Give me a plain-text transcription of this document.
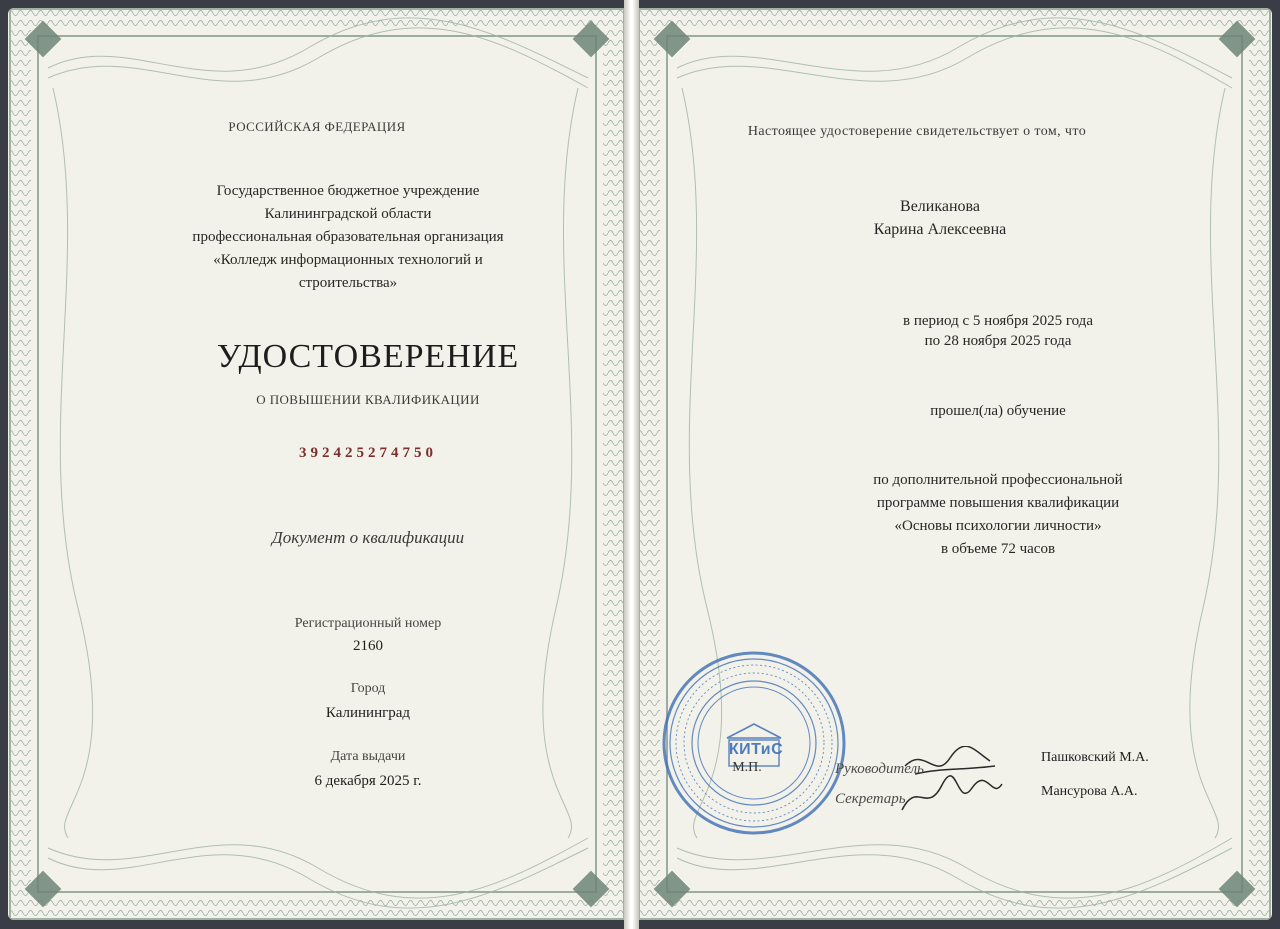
РОССИЙСКАЯ ФЕДЕРАЦИЯ
Государственное бюджетное учреждение
Калининградской области
профессиональная образовательная организация
«Колледж информационных технологий и
строительства»
УДОСТОВЕРЕНИЕ
О ПОВЫШЕНИИ КВАЛИФИКАЦИИ
392425274750
Документ о квалификации
Регистрационный номер
2160
Город
Калининград
Дата выдачи
6 декабря 2025 г.
Настоящее удостоверение свидетельствует о том, что
Великанова
Карина Алексеевна
в период с 5 ноября 2025 года
по 28 ноября 2025 года
прошел(ла) обучение
по дополнительной профессиональной
программе повышения квалификации
«Основы психологии личности»
в объеме 72 часов
КИТиС
М.П.	Руководитель
Пашковский М.А.
Секретарь	Мансурова А.А.
